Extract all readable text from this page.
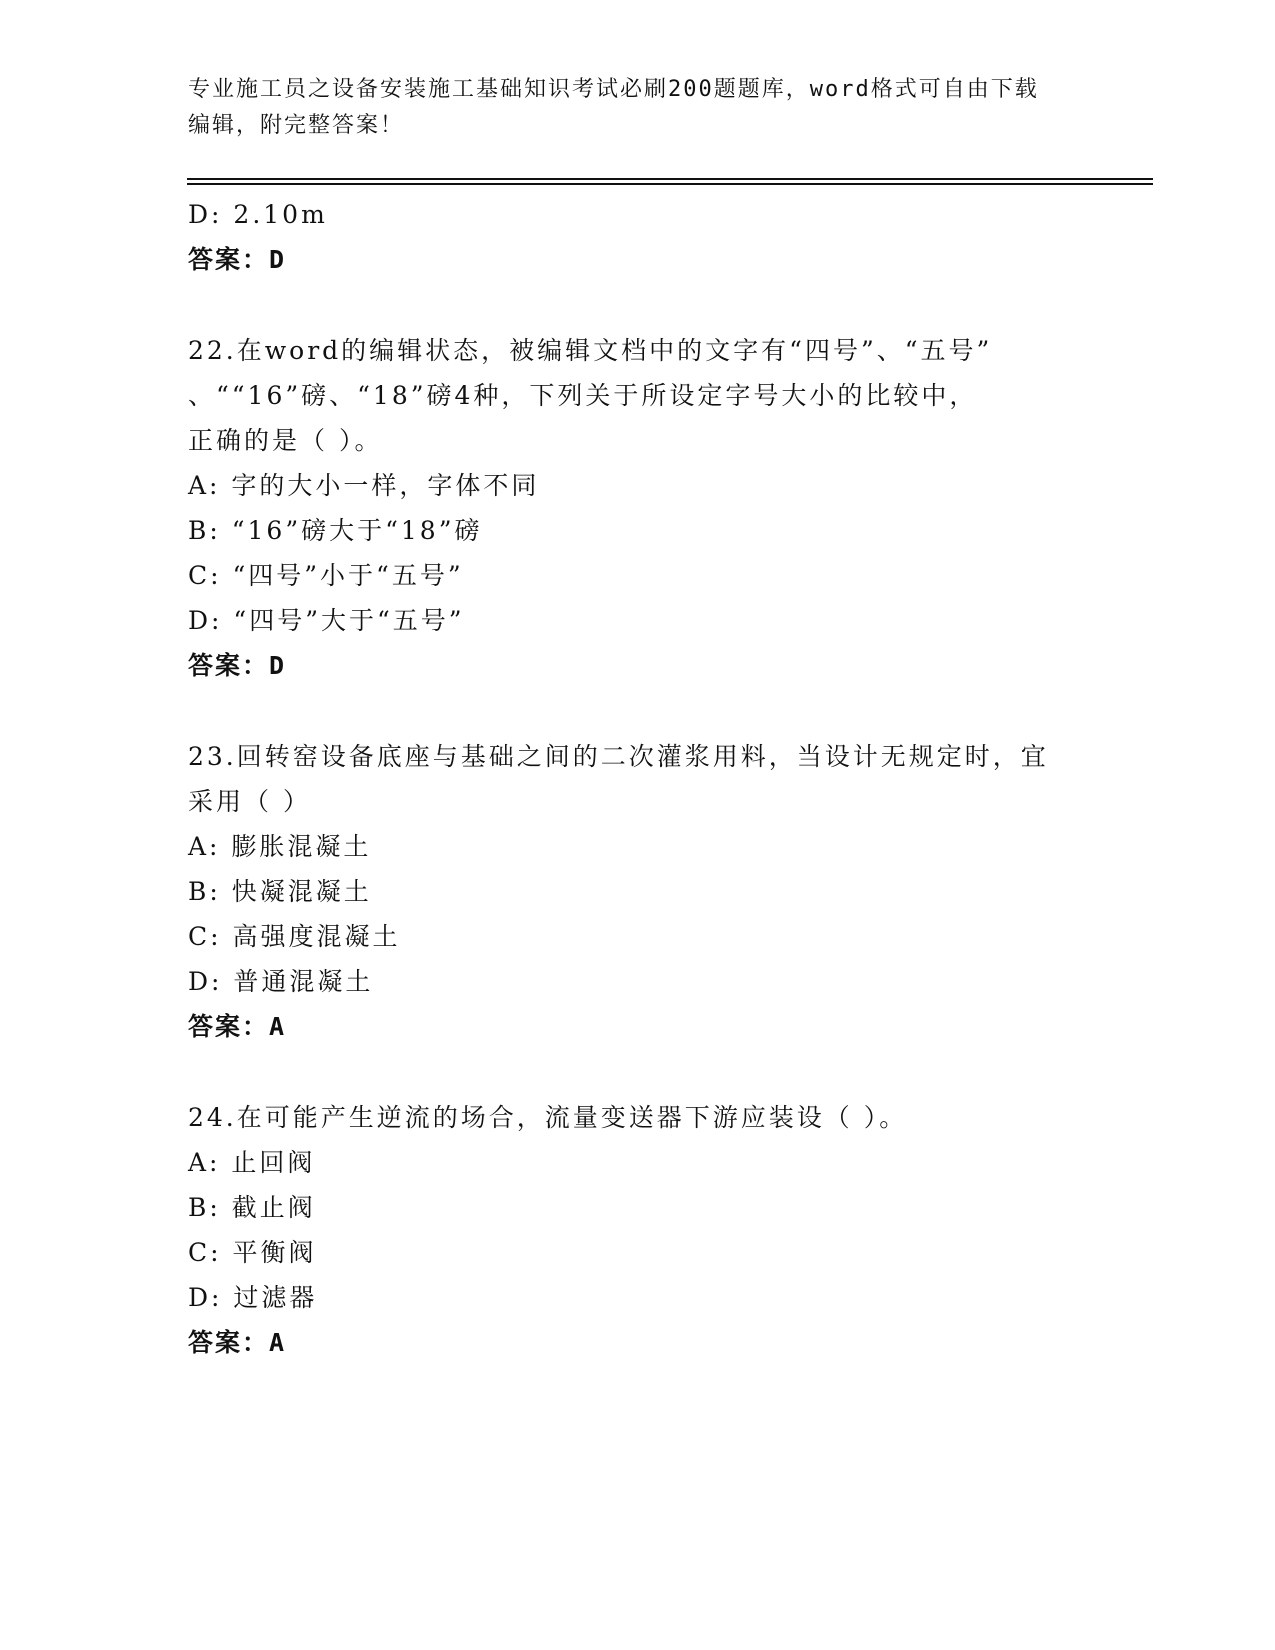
专业施工员之设备安装施工基础知识考试必刷200题题库，word格式可自由下载
编辑，附完整答案！
D: 2.10m
答案：D
22.在word的编辑状态，被编辑文档中的文字有“四号”、“五号”
、““16”磅、“18”磅4种，下列关于所设定字号大小的比较中，
正确的是（ ）。
A: 字的大小一样，字体不同
B: “16”磅大于“18”磅
C: “四号”小于“五号”
D: “四号”大于“五号”
答案：D
23.回转窑设备底座与基础之间的二次灌浆用料，当设计无规定时，宜
采用（ ）
A: 膨胀混凝土
B: 快凝混凝土
C: 高强度混凝土
D: 普通混凝土
答案：A
24.在可能产生逆流的场合，流量变送器下游应装设（ ）。
A: 止回阀
B: 截止阀
C: 平衡阀
D: 过滤器
答案：A
